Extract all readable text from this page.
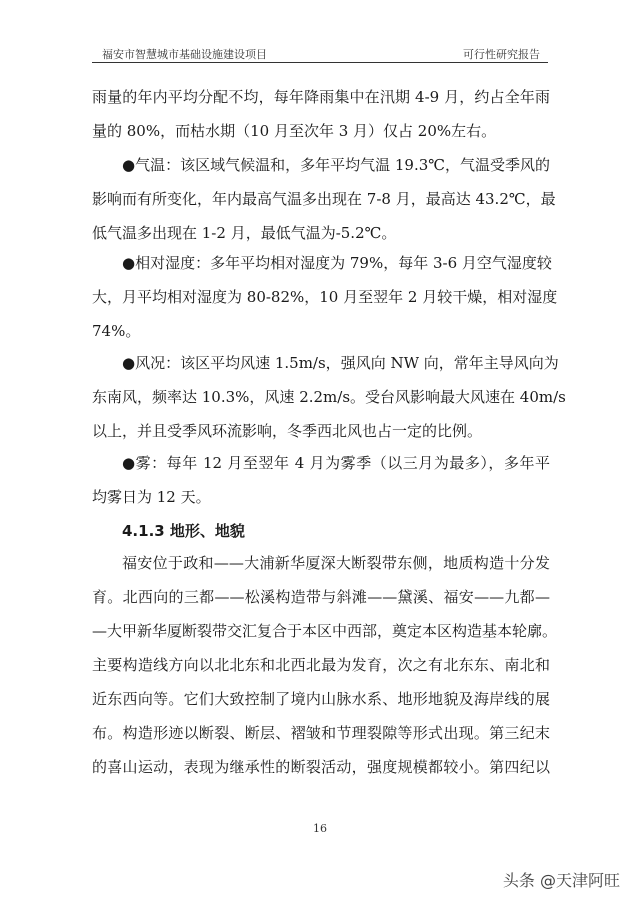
福安市智慧城市基础设施建设项目	可行性研究报告
雨量的年内平均分配不均，每年降雨集中在汛期 4-9 月，约占全年雨
量的 80%，而枯水期（10 月至次年 3 月）仅占 20%左右。
●气温：该区域气候温和，多年平均气温 19.3℃，气温受季风的
影响而有所变化，年内最高气温多出现在 7-8 月，最高达 43.2℃，最
低气温多出现在 1-2 月，最低气温为-5.2℃。
●相对湿度：多年平均相对湿度为 79%，每年 3-6 月空气湿度较
大，月平均相对湿度为 80-82%，10 月至翌年 2 月较干燥，相对湿度
74%。
●风况：该区平均风速 1.5m/s，强风向 NW 向，常年主导风向为
东南风，频率达 10.3%，风速 2.2m/s。受台风影响最大风速在 40m/s
以上，并且受季风环流影响，冬季西北风也占一定的比例。
●雾：每年 12 月至翌年 4 月为雾季（以三月为最多），多年平
均雾日为 12 天。
4.1.3 地形、地貌
福安位于政和——大浦新华厦深大断裂带东侧，地质构造十分发
育。北西向的三都——松溪构造带与斜滩——黛溪、福安——九都—
—大甲新华厦断裂带交汇复合于本区中西部，奠定本区构造基本轮廓。
主要构造线方向以北北东和北西北最为发育，次之有北东东、南北和
近东西向等。它们大致控制了境内山脉水系、地形地貌及海岸线的展
布。构造形迹以断裂、断层、褶皱和节理裂隙等形式出现。第三纪末
的喜山运动，表现为继承性的断裂活动，强度规模都较小。第四纪以
16
头条 @天津阿旺
